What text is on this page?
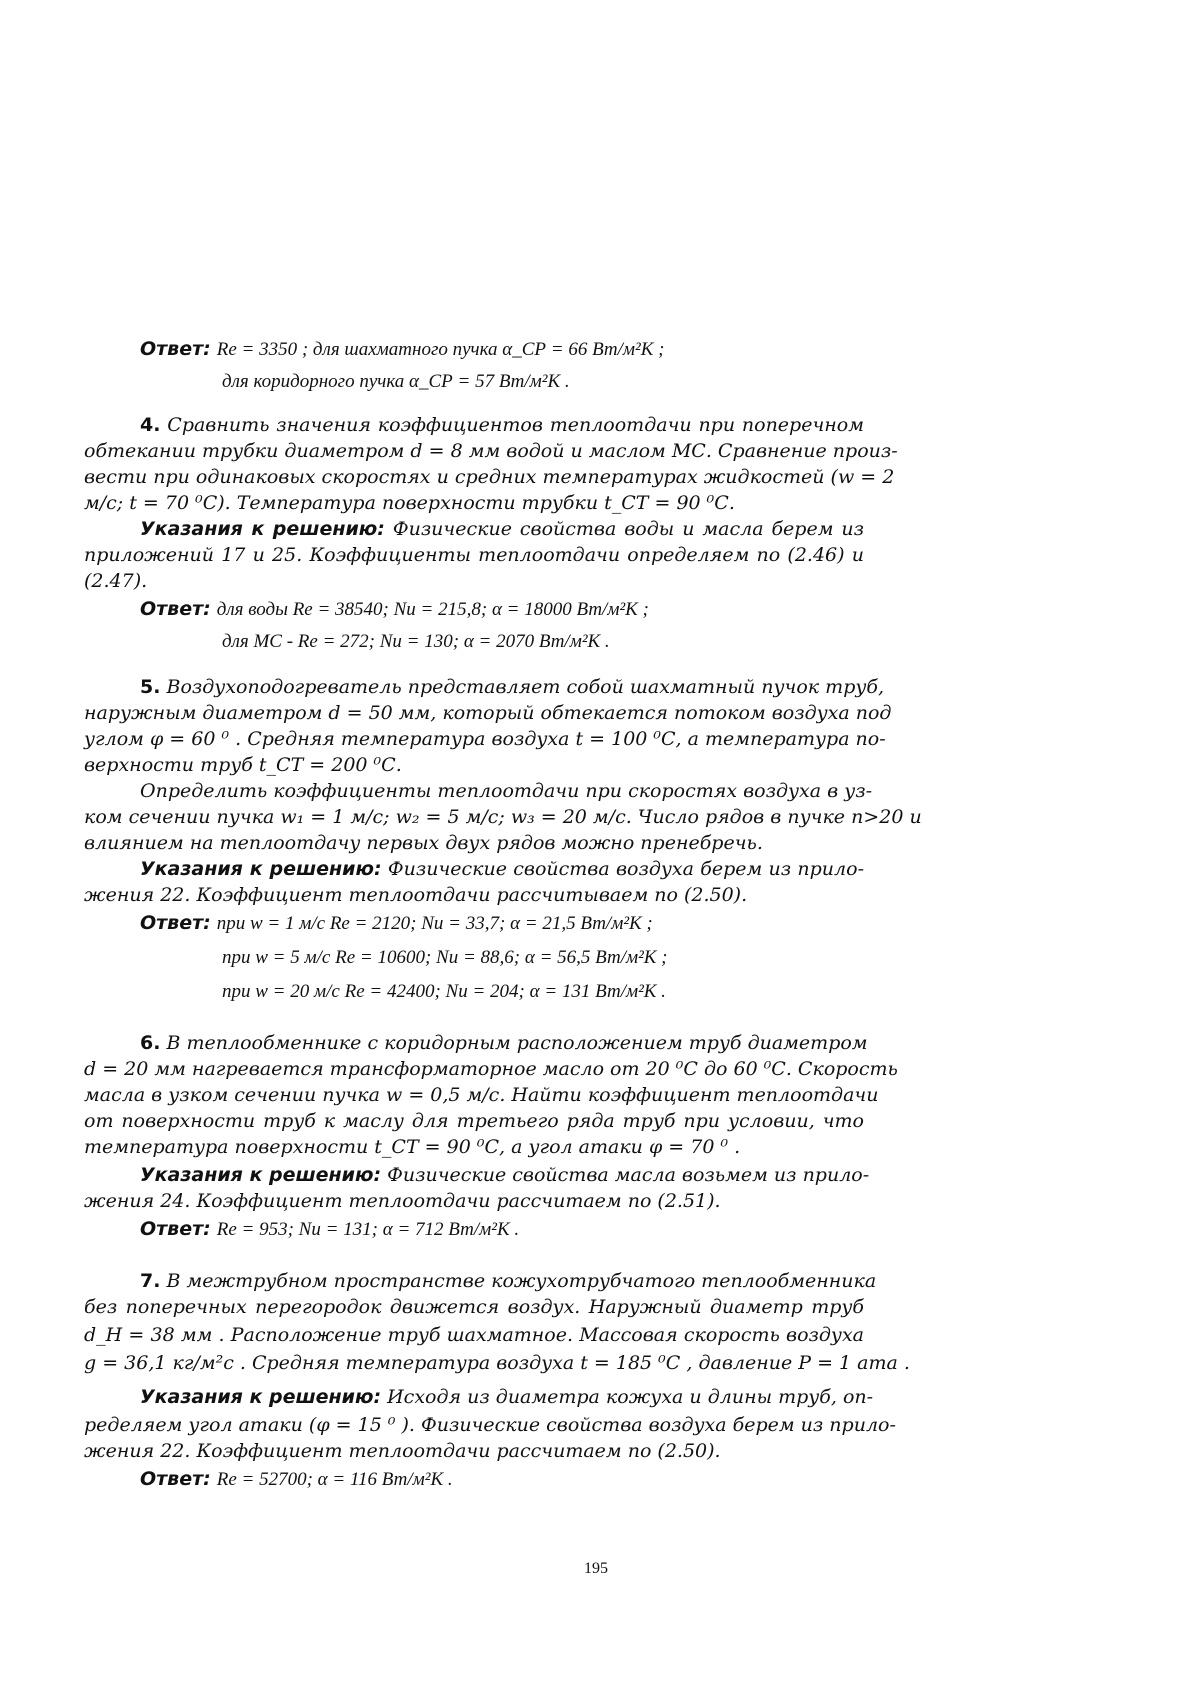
Ответ: Re = 3350 ; для шахматного пучка α_СР = 66 Вт/м²К ;
для коридорного пучка α_СР = 57 Вт/м²К .
4. Сравнить значения коэффициентов теплоотдачи при поперечном
обтекании трубки диаметром d = 8 мм водой и маслом МС. Сравнение произ-
вести при одинаковых скоростях и средних температурах жидкостей (w = 2
м/с; t = 70 ⁰С). Температура поверхности трубки t_СТ = 90 ⁰С.
Указания к решению: Физические свойства воды и масла берем из
приложений 17 и 25. Коэффициенты теплоотдачи определяем по (2.46) и
(2.47).
Ответ: для воды Re = 38540; Nu = 215,8; α = 18000 Вт/м²К ;
для МС - Re = 272; Nu = 130; α = 2070 Вт/м²К .
5. Воздухоподогреватель представляет собой шахматный пучок труб,
наружным диаметром d = 50 мм, который обтекается потоком воздуха под
углом φ = 60 ⁰ . Средняя температура воздуха t = 100 ⁰С, а температура по-
верхности труб t_СТ = 200 ⁰С.
Определить коэффициенты теплоотдачи при скоростях воздуха в уз-
ком сечении пучка w₁ = 1 м/с; w₂ = 5 м/с; w₃ = 20 м/с. Число рядов в пучке n>20 и
влиянием на теплоотдачу первых двух рядов можно пренебречь.
Указания к решению: Физические свойства воздуха берем из прило-
жения 22. Коэффициент теплоотдачи рассчитываем по (2.50).
Ответ: при w = 1 м/с Re = 2120; Nu = 33,7; α = 21,5 Вт/м²К ;
при w = 5 м/с Re = 10600; Nu = 88,6; α = 56,5 Вт/м²К ;
при w = 20 м/с Re = 42400; Nu = 204; α = 131 Вт/м²К .
6. В теплообменнике с коридорным расположением труб диаметром
d = 20 мм нагревается трансформаторное масло от 20 ⁰С до 60 ⁰С. Скорость
масла в узком сечении пучка w = 0,5 м/с. Найти коэффициент теплоотдачи
от поверхности труб к маслу для третьего ряда труб при условии, что
температура поверхности t_СТ = 90 ⁰С, а угол атаки φ = 70 ⁰ .
Указания к решению: Физические свойства масла возьмем из прило-
жения 24. Коэффициент теплоотдачи рассчитаем по (2.51).
Ответ: Re = 953; Nu = 131; α = 712 Вт/м²К .
7. В межтрубном пространстве кожухотрубчатого теплообменника
без поперечных перегородок движется воздух. Наружный диаметр труб
d_Н = 38 мм . Расположение труб шахматное. Массовая скорость воздуха
g = 36,1 кг/м²с . Средняя температура воздуха t = 185 ⁰С , давление P = 1 ата .
Указания к решению: Исходя из диаметра кожуха и длины труб, оп-
ределяем угол атаки (φ = 15 ⁰ ). Физические свойства воздуха берем из прило-
жения 22. Коэффициент теплоотдачи рассчитаем по (2.50).
Ответ: Re = 52700; α = 116 Вт/м²К .
195
